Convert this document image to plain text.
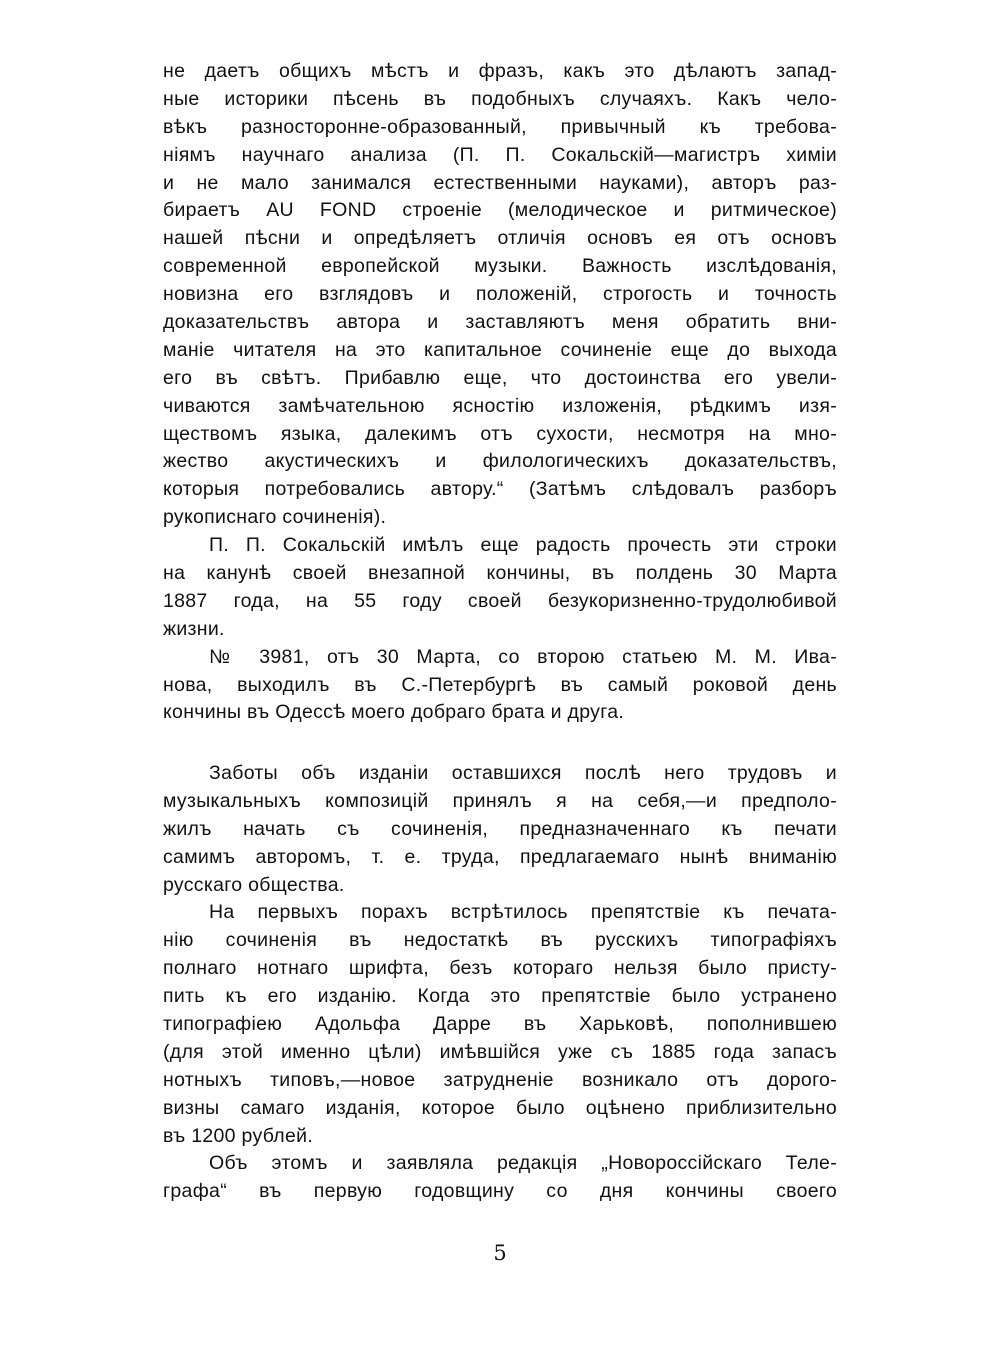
не даетъ общихъ мѣстъ и фразъ, какъ это дѣлаютъ запад-
ные историки пѣсень въ подобныхъ случаяхъ. Какъ чело-
вѣкъ разносторонне-образованный, привычный къ требова-
ніямъ научнаго анализа (П. П. Сокальскій—магистръ химіи
и не мало занимался естественными науками), авторъ раз-
бираетъ AU FOND строеніе (мелодическое и ритмическое)
нашей пѣсни и опредѣляетъ отличія основъ ея отъ основъ
современной европейской музыки. Важность изслѣдованія,
новизна его взглядовъ и положеній, строгость и точность
доказательствъ автора и заставляютъ меня обратить вни-
маніе читателя на это капитальное сочиненіе еще до выхода
его въ свѣтъ. Прибавлю еще, что достоинства его увели-
чиваются замѣчательною ясностію изложенія, рѣдкимъ изя-
ществомъ языка, далекимъ отъ сухости, несмотря на мно-
жество акустическихъ и филологическихъ доказательствъ,
которыя потребовались автору.“ (Затѣмъ слѣдовалъ разборъ
рукописнаго сочиненія).
П. П. Сокальскій имѣлъ еще радость прочесть эти строки
на канунѣ своей внезапной кончины, въ полдень 30 Марта
1887 года, на 55 году своей безукоризненно-трудолюбивой
жизни.
№ 3981, отъ 30 Марта, со второю статьею М. М. Ива-
нова, выходилъ въ С.-Петербургѣ въ самый роковой день
кончины въ Одессѣ моего добраго брата и друга.
Заботы объ изданіи оставшихся послѣ него трудовъ и
музыкальныхъ композицій принялъ я на себя,—и предполо-
жилъ начать съ сочиненія, предназначеннаго къ печати
самимъ авторомъ, т. е. труда, предлагаемаго нынѣ вниманію
русскаго общества.
На первыхъ порахъ встрѣтилось препятствіе къ печата-
нію сочиненія въ недостаткѣ въ русскихъ типографіяхъ
полнаго нотнаго шрифта, безъ котораго нельзя было присту-
пить къ его изданію. Когда это препятствіе было устранено
типографіею Адольфа Дарре въ Харьковѣ, пополнившею
(для этой именно цѣли) имѣвшійся уже съ 1885 года запасъ
нотныхъ типовъ,—новое затрудненіе возникало отъ дорого-
визны самаго изданія, которое было оцѣнено приблизительно
въ 1200 рублей.
Объ этомъ и заявляла редакція „Новороссійскаго Теле-
графа“ въ первую годовщину со дня кончины своего
5
